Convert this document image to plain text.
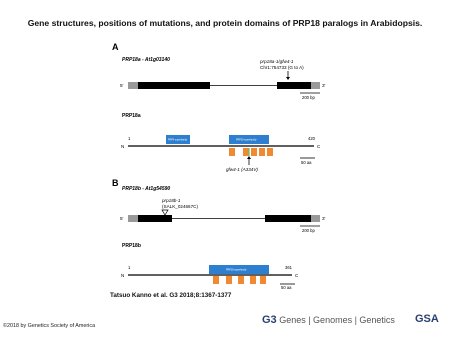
Gene structures, positions of mutations, and protein domains of PRP18 paralogs in Arabidopsis.
A
PRP18a - At1g03140	prp18a-1/gfw4-1
Chr1:754733 (G to A)
5'	3'
200 bp
PRP18a
1
N
420
C
PRP4 superfamily	PRP18 superfamily
gfw4-1 (A334V)
50 aa
B
PRP18b - At1g54590
prp18b-1
(SALK_024667C)
5'	3'
200 bp
PRP18b
1
N
361
C
PRP18 superfamily
50 aa
Tatsuo Kanno et al. G3 2018;8:1367-1377
©2018 by Genetics Society of America	G3 Genes | Genomes | Genetics GSA
